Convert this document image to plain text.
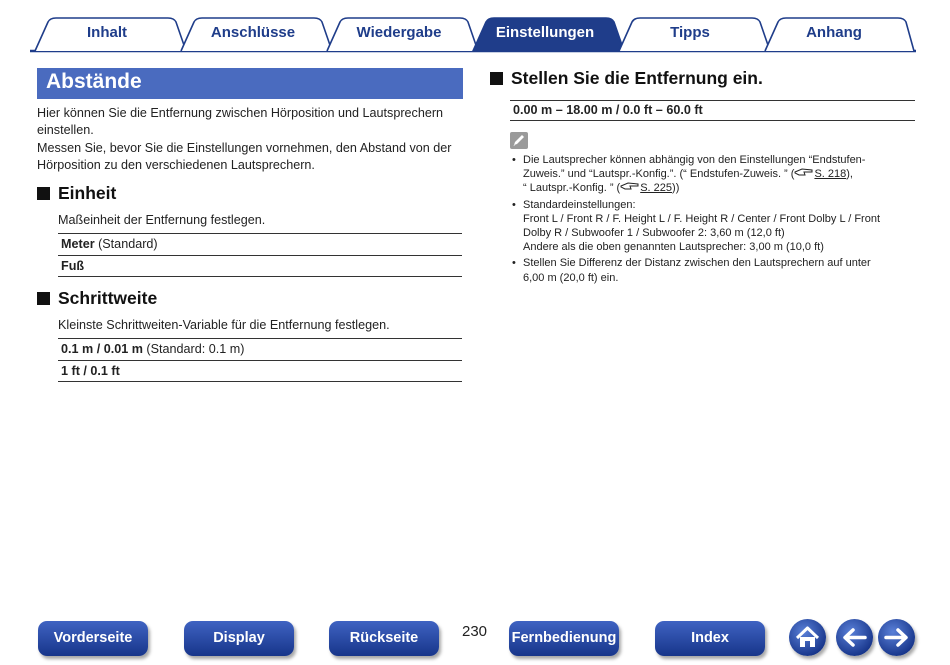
Inhalt	Anschlüsse	Wiedergabe	Einstellungen	Tipps	Anhang
Abstände

Hier können Sie die Entfernung zwischen Hörposition und Lautsprechern einstellen.

Messen Sie, bevor Sie die Einstellungen vornehmen, den Abstand von der Hörposition zu den verschiedenen Lautsprechern.

Einheit
Maßeinheit der Entfernung festlegen.
Meter (Standard)
Fuß
Schrittweite
Kleinste Schrittweiten-Variable für die Entfernung festlegen.
0.1 m / 0.01 m (Standard: 0.1 m)
1 ft / 0.1 ft
Stellen Sie die Entfernung ein.
0.00 m – 18.00 m / 0.0 ft – 60.0 ft
• Die Lautsprecher können abhängig von den Einstellungen “Endstufen-
Zuweis.” und “Lautspr.-Konfig.”. (“ Endstufen-Zuweis. ” ( S. 218),
“ Lautspr.-Konfig. ” ( S. 225))
• Standardeinstellungen:
Front L / Front R / F. Height L / F. Height R / Center / Front Dolby L / Front
Dolby R / Subwoofer 1 / Subwoofer 2: 3,60 m (12,0 ft)
Andere als die oben genannten Lautsprecher: 3,00 m (10,0 ft)
• Stellen Sie Differenz der Distanz zwischen den Lautsprechern auf unter
6,00 m (20,0 ft) ein.
Vorderseite	Display	Rückseite	230 Fernbedienung	Index
